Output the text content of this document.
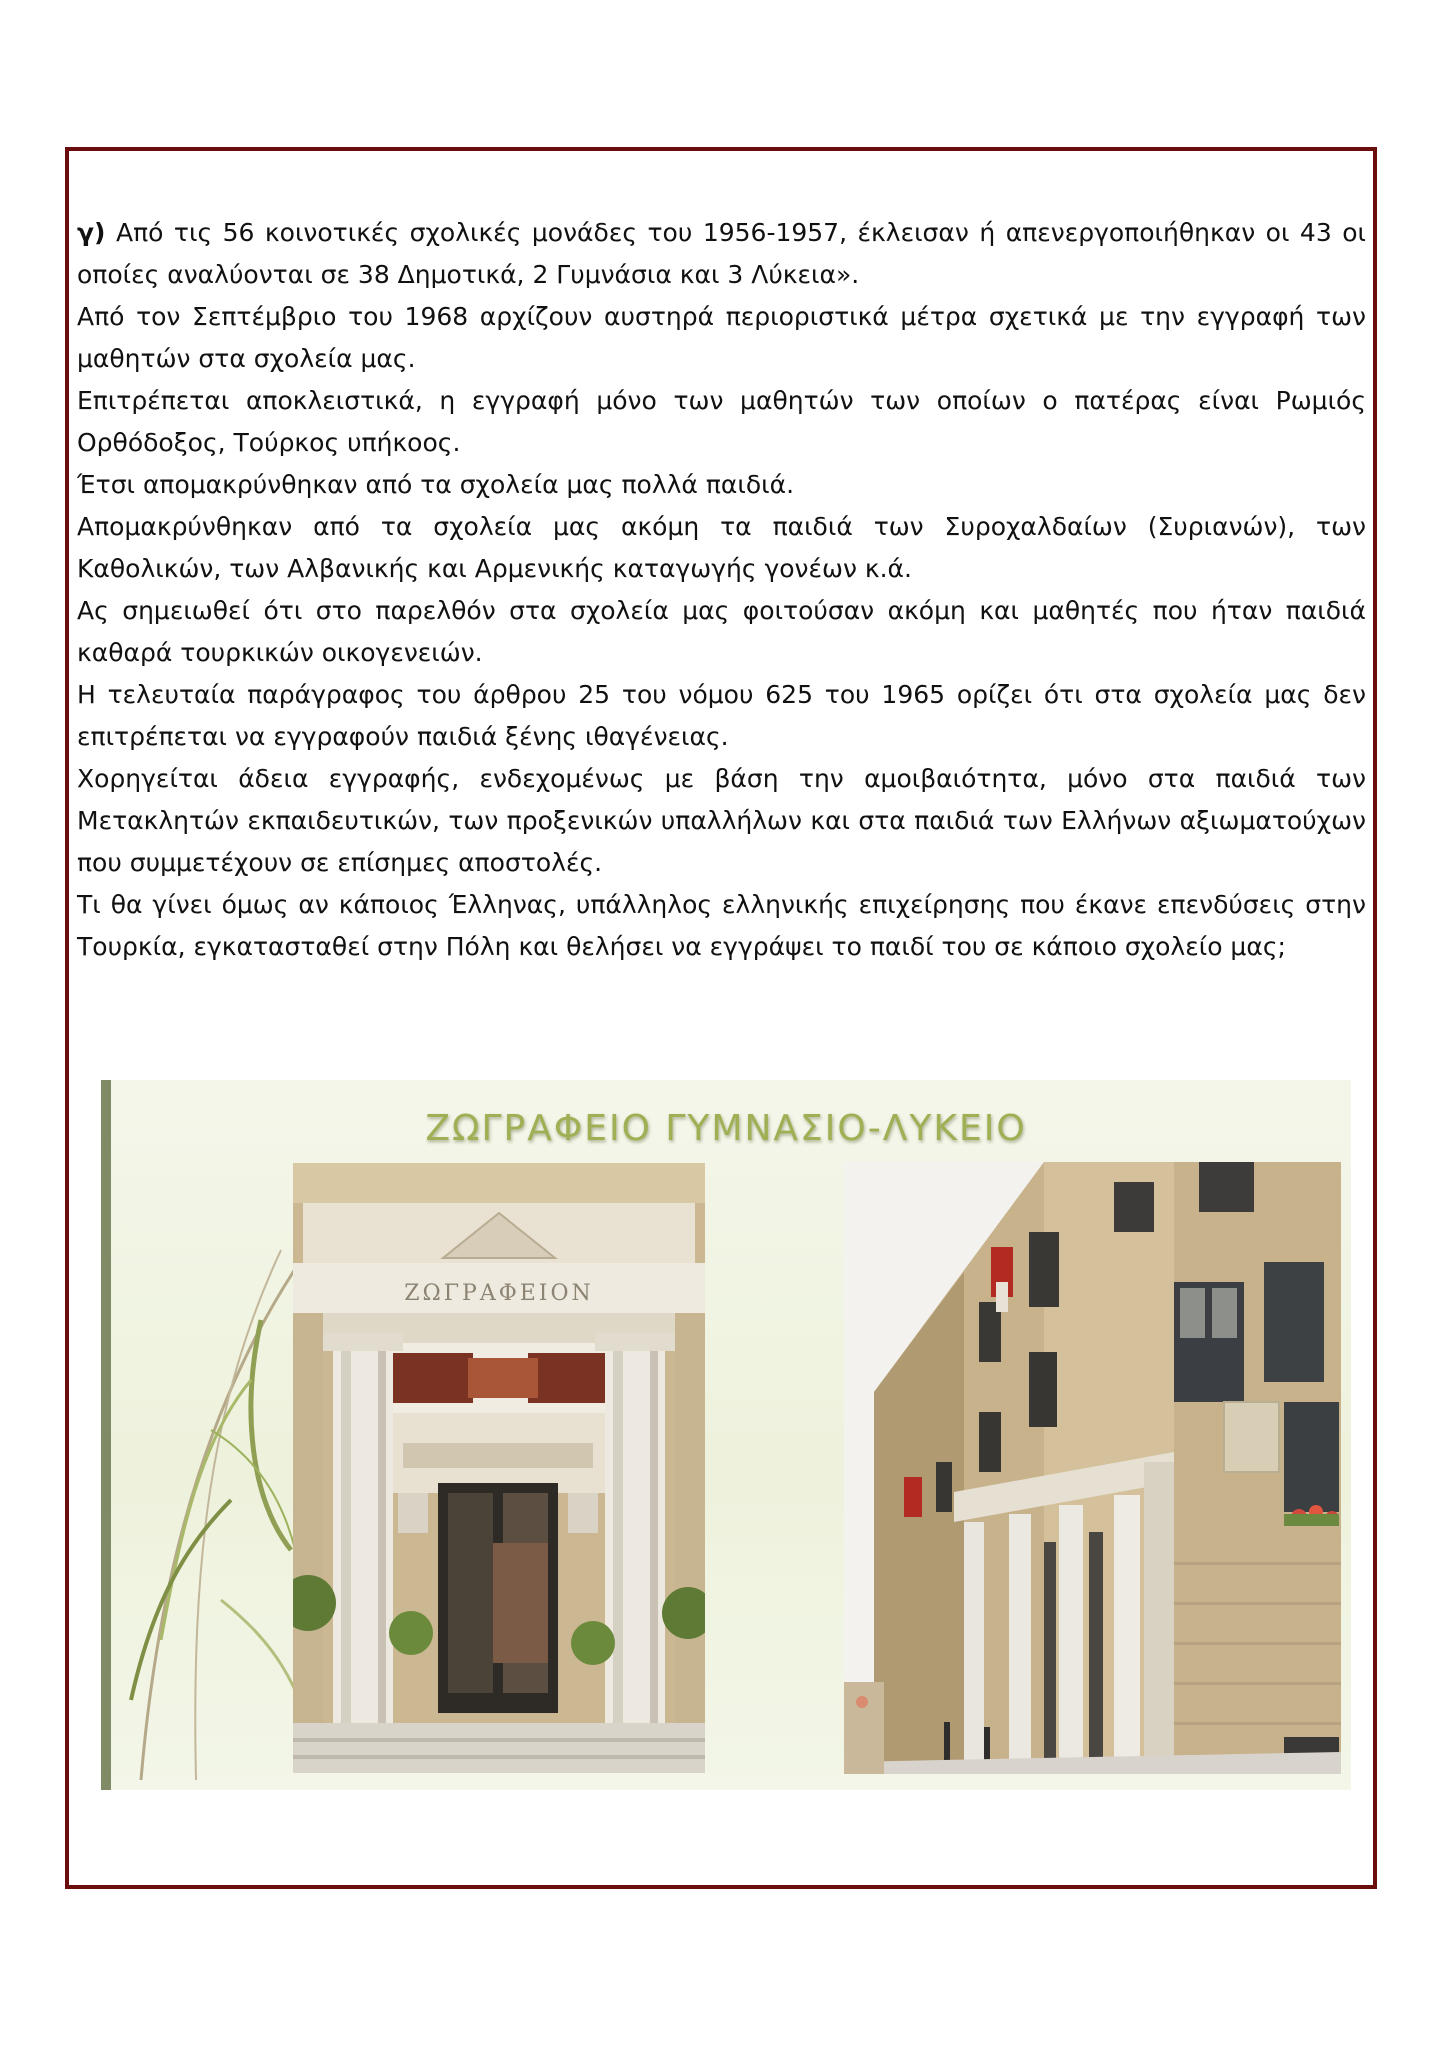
γ) Από τις 56 κοινοτικές σχολικές μονάδες του 1956-1957, έκλεισαν ή απενεργοποιήθηκαν οι 43 οι οποίες αναλύονται σε 38 Δημοτικά, 2 Γυμνάσια και 3 Λύκεια».

Από τον Σεπτέμβριο του 1968 αρχίζουν αυστηρά περιοριστικά μέτρα σχετικά με την εγγραφή των μαθητών στα σχολεία μας.

Επιτρέπεται αποκλειστικά, η εγγραφή μόνο των μαθητών των οποίων ο πατέρας είναι Ρωμιός Ορθόδοξος, Τούρκος υπήκοος.

Έτσι απομακρύνθηκαν από τα σχολεία μας πολλά παιδιά.

Απομακρύνθηκαν από τα σχολεία μας ακόμη τα παιδιά των Συροχαλδαίων (Συριανών), των Καθολικών, των Αλβανικής και Αρμενικής καταγωγής γονέων κ.ά.

Ας σημειωθεί ότι στο παρελθόν στα σχολεία μας φοιτούσαν ακόμη και μαθητές που ήταν παιδιά καθαρά τουρκικών οικογενειών.

Η τελευταία παράγραφος του άρθρου 25 του νόμου 625 του 1965 ορίζει ότι στα σχολεία μας δεν επιτρέπεται να εγγραφούν παιδιά ξένης ιθαγένειας.

Χορηγείται άδεια εγγραφής, ενδεχομένως με βάση την αμοιβαιότητα, μόνο στα παιδιά των Μετακλητών εκπαιδευτικών, των προξενικών υπαλλήλων και στα παιδιά των Ελλήνων αξιωματούχων που συμμετέχουν σε επίσημες αποστολές.

Τι θα γίνει όμως αν κάποιος Έλληνας, υπάλληλος ελληνικής επιχείρησης που έκανε επενδύσεις στην Τουρκία, εγκατασταθεί στην Πόλη και θελήσει να εγγράψει το παιδί του σε κάποιο σχολείο μας;

ΖΩΓΡΑΦΕΙΟ ΓΥΜΝΑΣΙΟ-ΛΥΚΕΙΟ
ΖΩΓΡΑΦΕΙΟΝ
